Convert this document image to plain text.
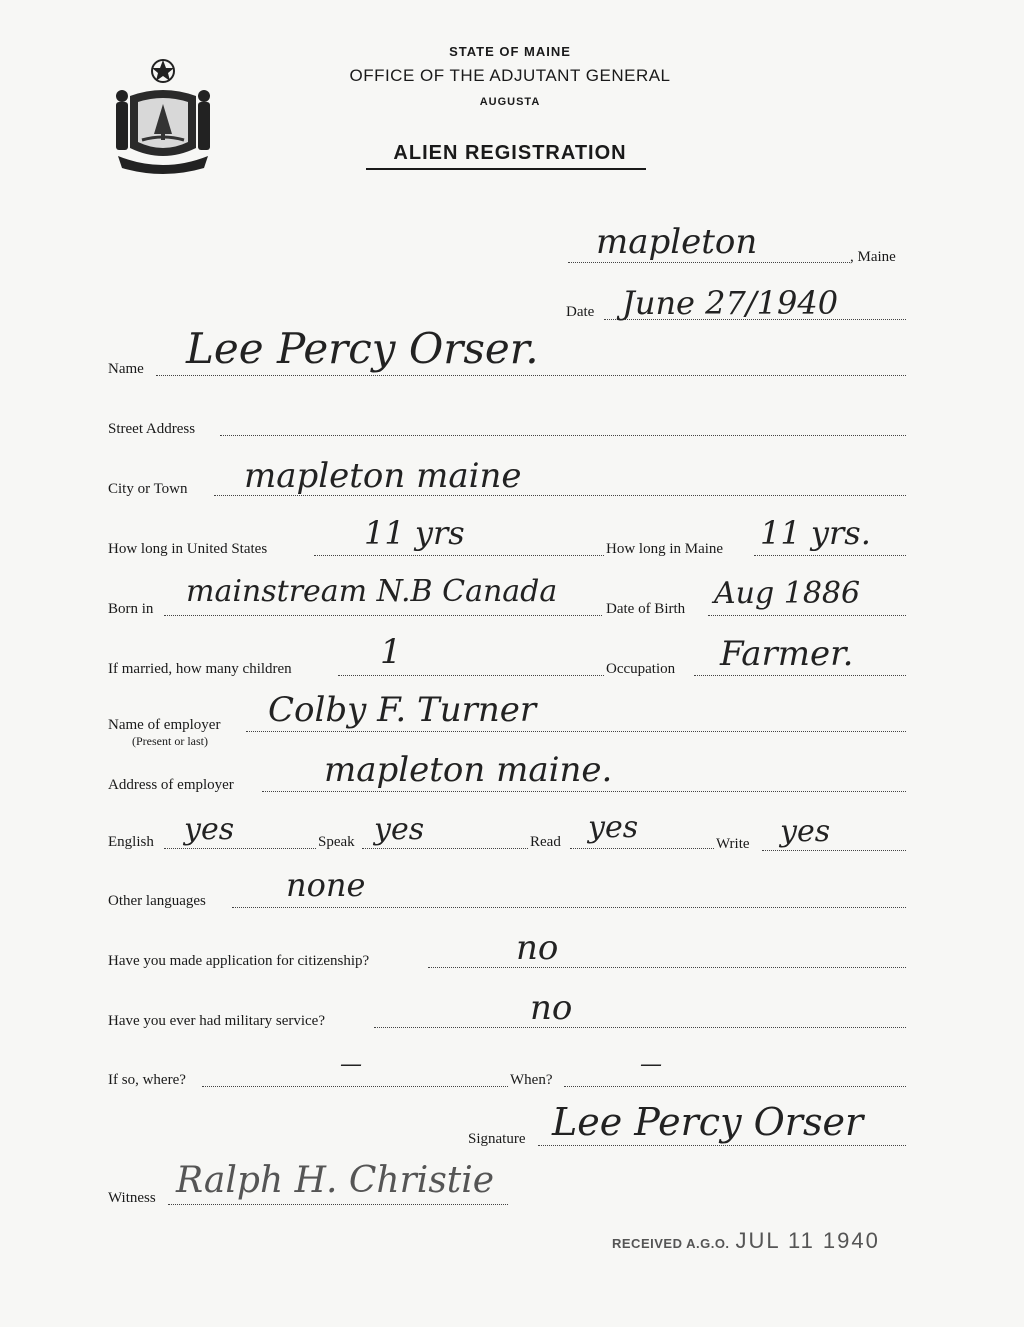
STATE OF MAINE
OFFICE OF THE ADJUTANT GENERAL
AUGUSTA
ALIEN REGISTRATION
mapleton	, Maine
Date June 27/1940
Name Lee Percy Orser.
Street Address
City or Town mapleton maine
How long in United States	11 yrs	How long in Maine 11 yrs.
Born in mainstream N.B Canada	Date of Birth Aug 1886
If married, how many children	1	Occupation Farmer.
Name of employer
(Present or last)
Colby F. Turner
Address of employer	mapleton maine.
English yes	Speak yes	Read yes	Write yes
Other languages	none
Have you made application for citizenship?	no
Have you ever had military service?	no
If so, where?
—
When?
—
Signature Lee Percy Orser
Witness Ralph H. Christie
RECEIVED A.G.O. JUL 11 1940
